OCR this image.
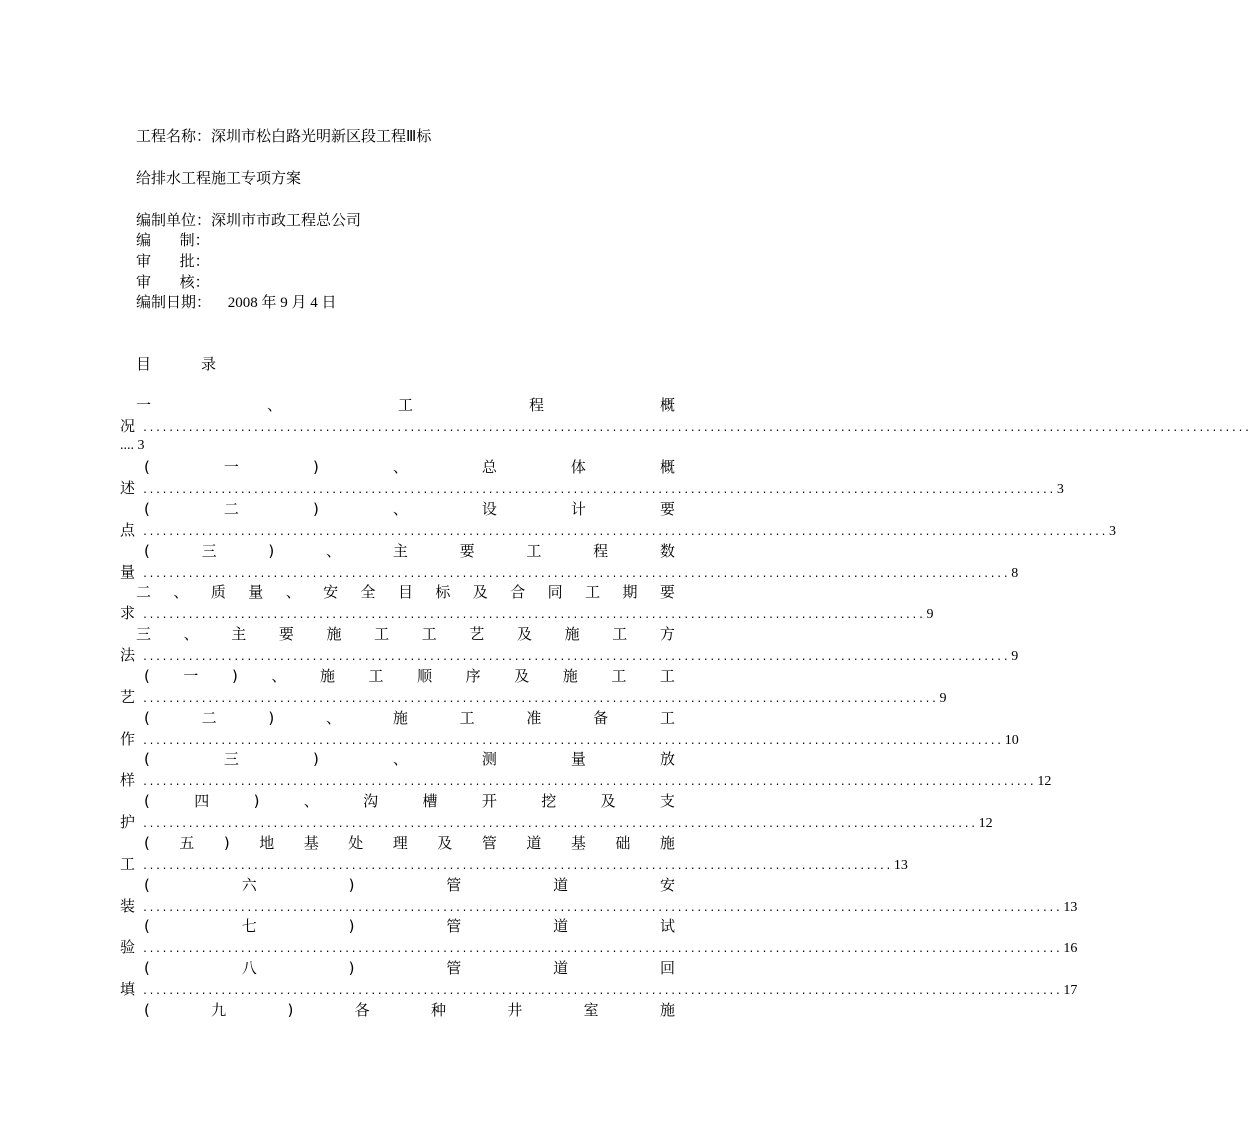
工程名称：深圳市松白路光明新区段工程Ⅲ标
给排水工程施工专项方案
编制单位：深圳市市政工程总公司
编      制：
审      批：
审      核：
编制日期： 2008 年 9 月 4 日
目	录
一	、	工	程	概
况 ..........................................................................................................................................................................
.... 3
(	一	)	、	总	体	概
述 ............................................................................................................................................ 3
(	二	)	、	设	计	要
点 .................................................................................................................................................... 3
(	三	)	、	主	要	工	程	数
量 ..................................................................................................................................... 8
二 、 质 量 、 安 全 目 标 及 合 同 工 期 要
求 ........................................................................................................................ 9
三 、 主 要 施 工 工 艺 及 施 工 方
法 ..................................................................................................................................... 9
( 一 ) 、 施 工 顺 序 及 施 工 工
艺 .......................................................................................................................... 9
(	二	)	、	施	工	准	备	工
作 .................................................................................................................................... 10
(	三	)	、	测	量	放
样 ......................................................................................................................................... 12
(	四	)	、	沟	槽	开	挖	及	支
护 ................................................................................................................................ 12
( 五 ) 地 基 处 理 及 管 道 基 础 施
工 ................................................................................................................... 13
(	六	)	管	道	安
装 ............................................................................................................................................. 13
(	七	)	管	道	试
验 ............................................................................................................................................. 16
(	八	)	管	道	回
填 ............................................................................................................................................. 17
(	九	)	各	种	井	室	施
